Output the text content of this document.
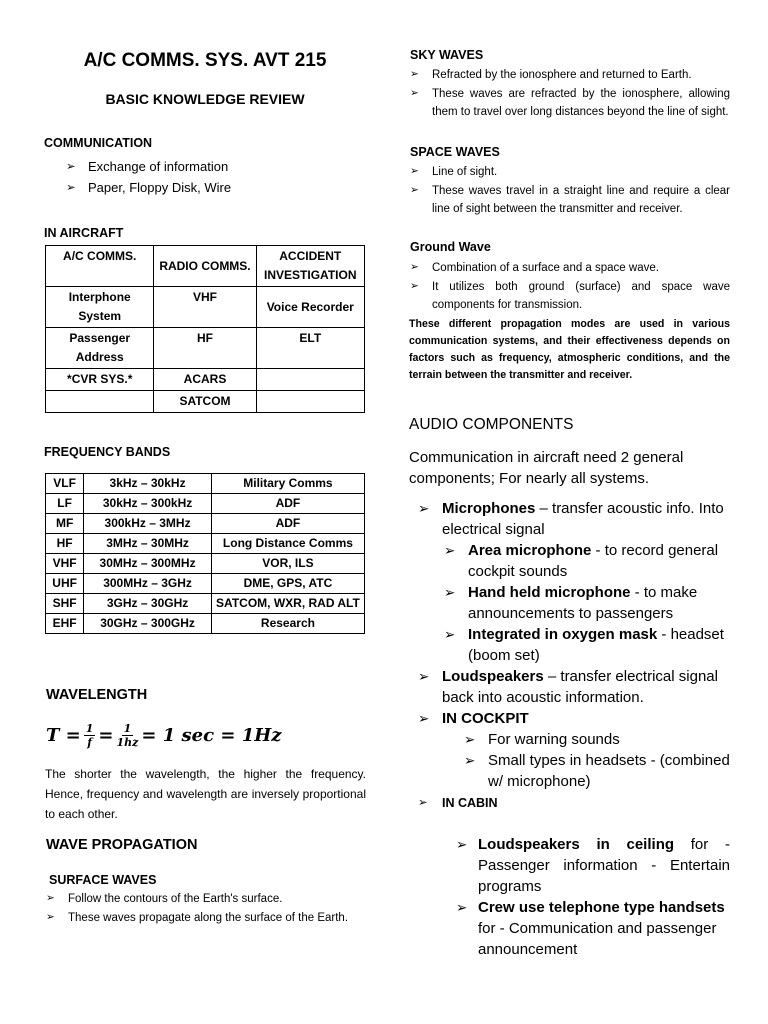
A/C COMMS. SYS. AVT 215
BASIC KNOWLEDGE REVIEW
COMMUNICATION
➢ Exchange of information
➢ Paper, Floppy Disk, Wire
IN AIRCRAFT
A/C COMMS.	RADIO COMMS.	ACCIDENT INVESTIGATION
Interphone System	VHF	Voice Recorder
Passenger Address	HF	ELT
*CVR SYS.*	ACARS	
	SATCOM	
FREQUENCY BANDS
VLF	3kHz – 30kHz	Military Comms
LF	30kHz – 300kHz	ADF
MF	300kHz – 3MHz	ADF
HF	3MHz – 30MHz	Long Distance Comms
VHF	30MHz – 300MHz	VOR, ILS
UHF	300MHz – 3GHz	DME, GPS, ATC
SHF	3GHz – 30GHz	SATCOM, WXR, RAD ALT
EHF	30GHz – 300GHz	Research
WAVELENGTH
$T = \frac{1}{f} = \frac{1}{1hz} = 1$ sec = 1Hz

The shorter the wavelength, the higher the frequency. Hence, frequency and wavelength are inversely proportional to each other.

WAVE PROPAGATION
SURFACE WAVES
➢ Follow the contours of the Earth's surface.
➢ These waves propagate along the surface of the Earth.
SKY WAVES
➢ Refracted by the ionosphere and returned to Earth.
➢ These waves are refracted by the ionosphere, allowing them to travel over long distances beyond the line of sight.
SPACE WAVES
➢ Line of sight.
➢ These waves travel in a straight line and require a clear line of sight between the transmitter and receiver.
Ground Wave
➢ Combination of a surface and a space wave.
➢ It utilizes both ground (surface) and space wave components for transmission.

These different propagation modes are used in various communication systems, and their effectiveness depends on factors such as frequency, atmospheric conditions, and the terrain between the transmitter and receiver.

AUDIO COMPONENTS

Communication in aircraft need 2 general components; For nearly all systems.

➢ Microphones – transfer acoustic info. Into electrical signal
➢ Area microphone - to record general cockpit sounds
➢ Hand held microphone - to make announcements to passengers
➢ Integrated in oxygen mask - headset (boom set)
➢ Loudspeakers – transfer electrical signal back into acoustic information.
➢ IN COCKPIT
➢ For warning sounds
➢ Small types in headsets - (combined w/ microphone)
➢ IN CABIN
➢ Loudspeakers in ceiling for - Passenger information - Entertain programs
➢ Crew use telephone type handsets for - Communication and passenger announcement
